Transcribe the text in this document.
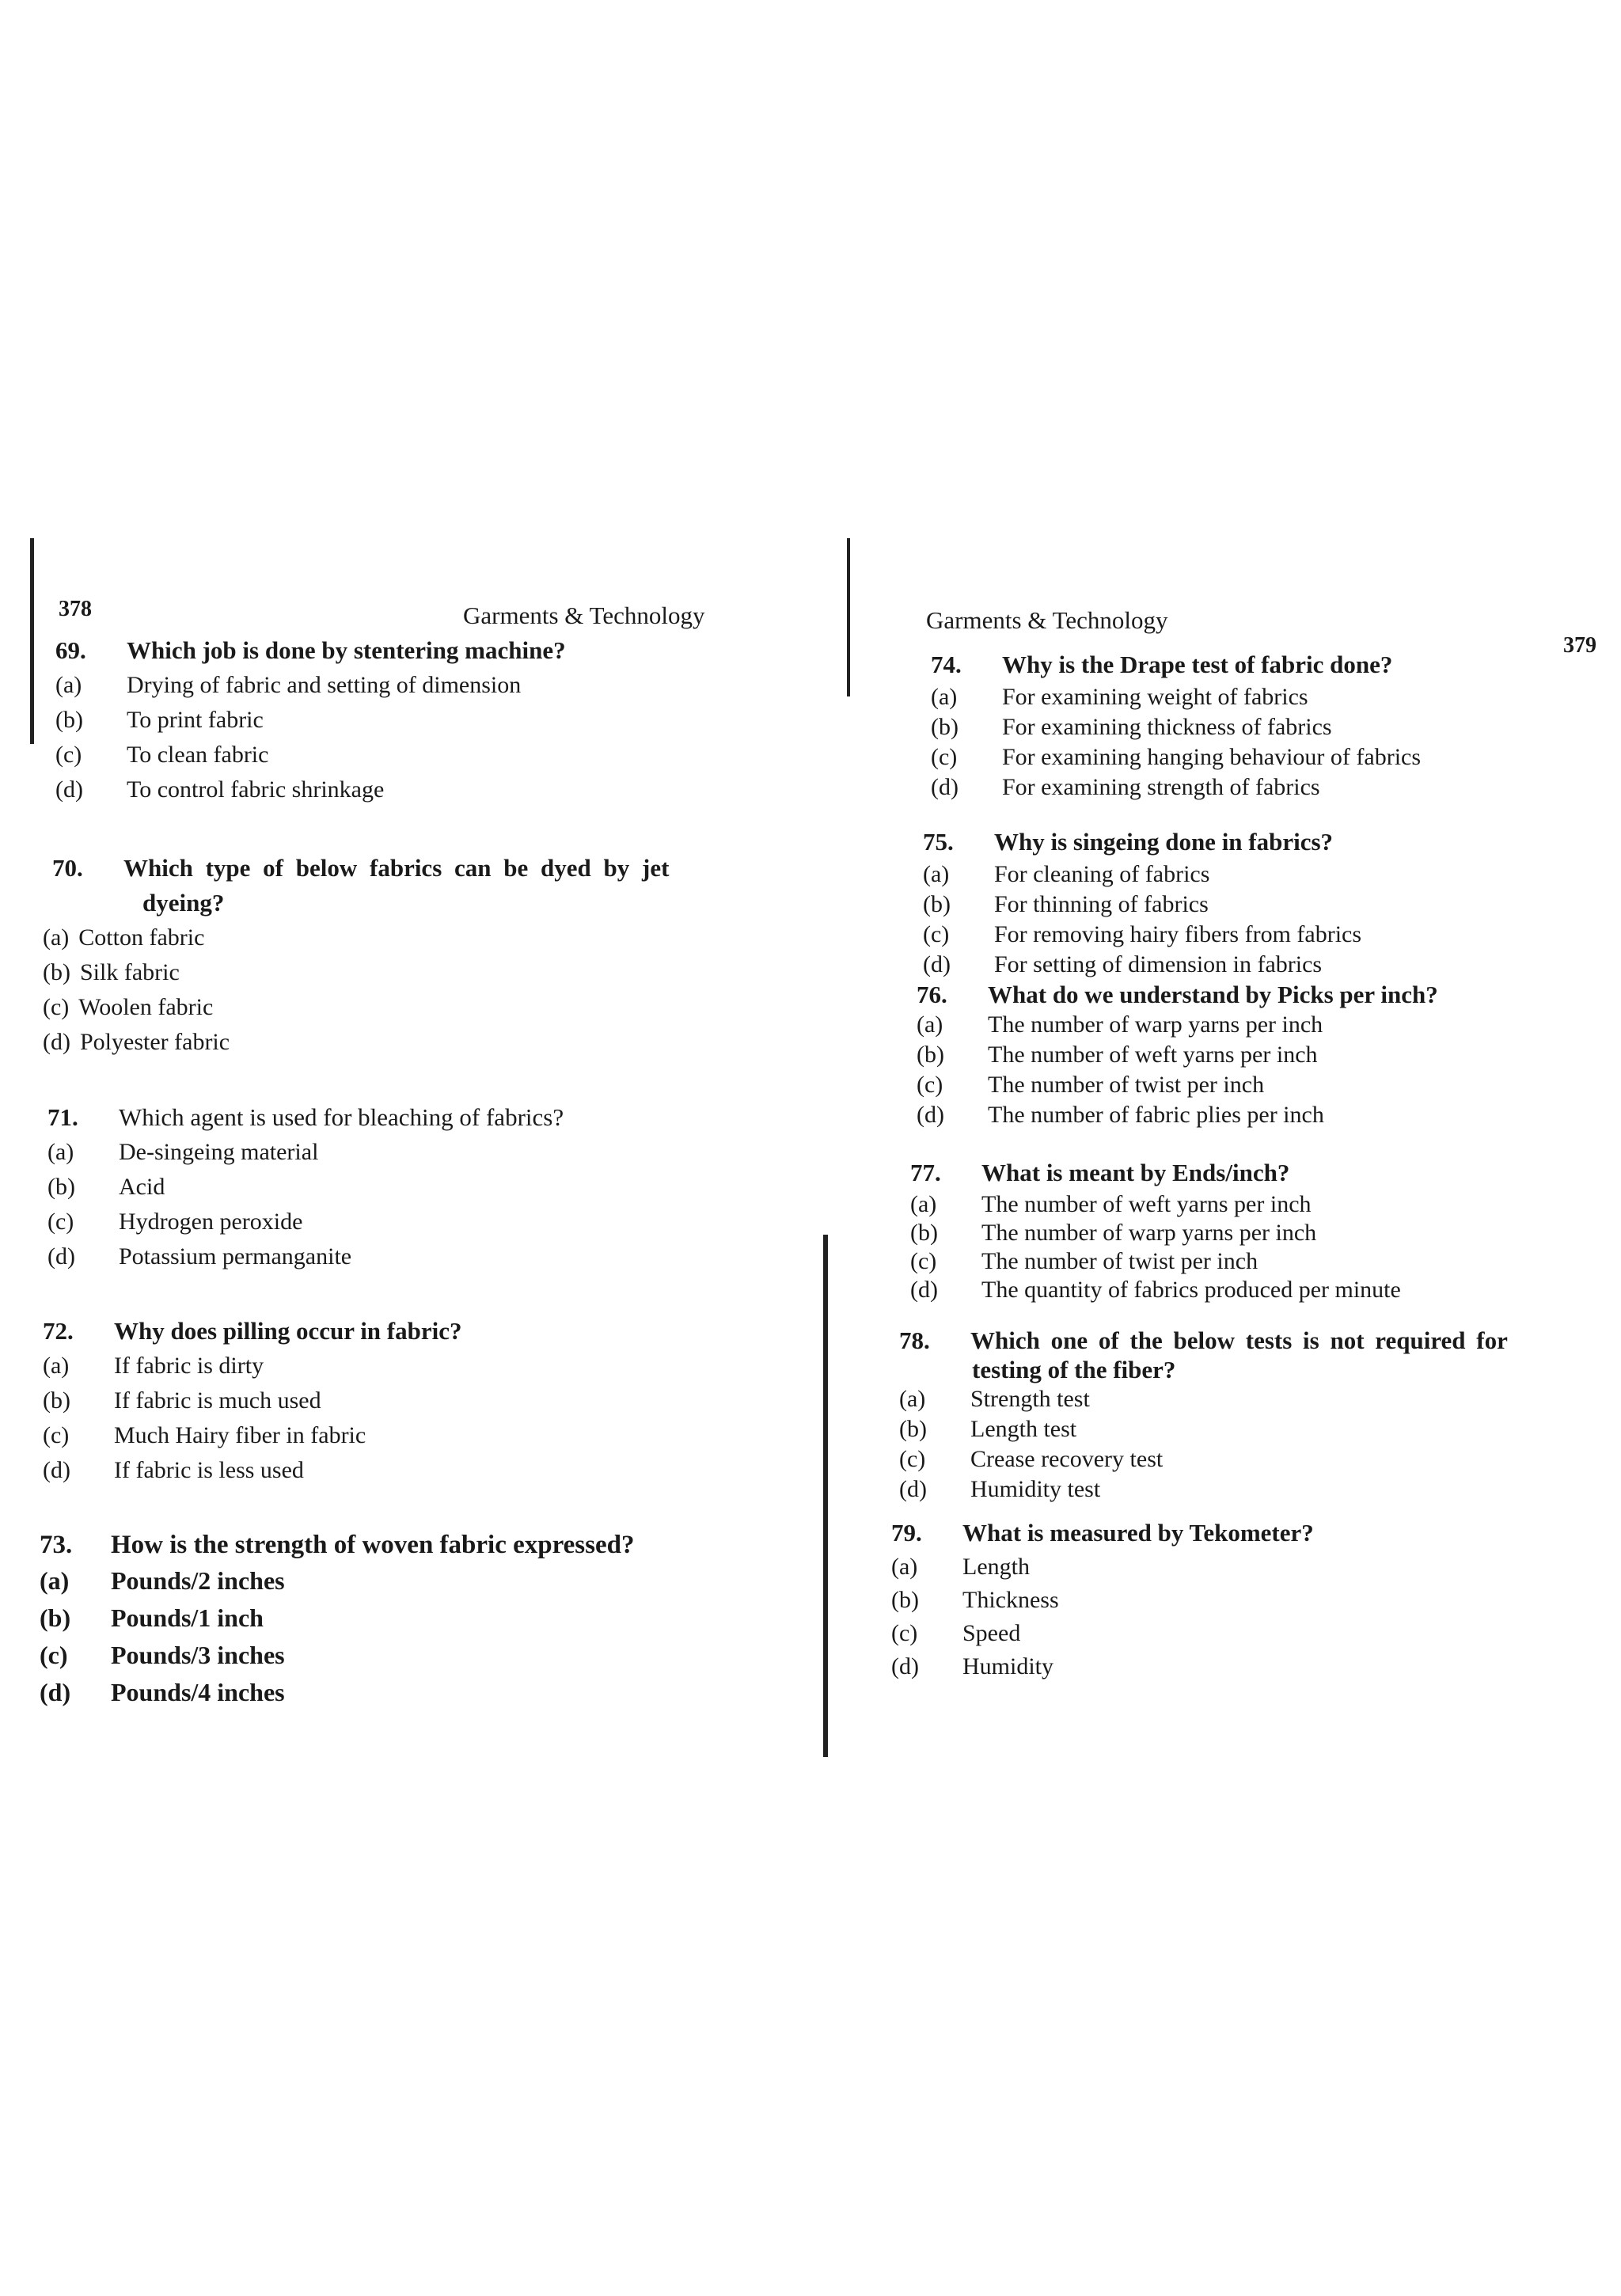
378	Garments & Technology
69.	Which job is done by stentering machine?
(a)	Drying of fabric and setting of dimension
(b)	To print fabric
(c)	To clean fabric
(d)	To control fabric shrinkage
70.	Which type of below fabrics can be dyed by jet
dyeing?
(a) Cotton fabric
(b) Silk fabric
(c) Woolen fabric
(d) Polyester fabric
71.	Which agent is used for bleaching of fabrics?
(a)	De-singeing material
(b)	Acid
(c)	Hydrogen peroxide
(d)	Potassium permanganite
72.	Why does pilling occur in fabric?
(a)	If fabric is dirty
(b)	If fabric is much used
(c)	Much Hairy fiber in fabric
(d)	If fabric is less used
73.	How is the strength of woven fabric expressed?
(a)	Pounds/2 inches
(b)	Pounds/1 inch
(c)	Pounds/3 inches
(d)	Pounds/4 inches
Garments & Technology
379
74.	Why is the Drape test of fabric done?
(a)	For examining weight of fabrics
(b)	For examining thickness of fabrics
(c)	For examining hanging behaviour of fabrics
(d)	For examining strength of fabrics
75.	Why is singeing done in fabrics?
(a)	For cleaning of fabrics
(b)	For thinning of fabrics
(c)	For removing hairy fibers from fabrics
(d)	For setting of dimension in fabrics
76.	What do we understand by Picks per inch?
(a)	The number of warp yarns per inch
(b)	The number of weft yarns per inch
(c)	The number of twist per inch
(d)	The number of fabric plies per inch
77.	What is meant by Ends/inch?
(a)	The number of weft yarns per inch
(b)	The number of warp yarns per inch
(c)	The number of twist per inch
(d)	The quantity of fabrics produced per minute
78.	Which one of the below tests is not required for
testing of the fiber?
(a)	Strength test
(b)	Length test
(c)	Crease recovery test
(d)	Humidity test
79.	What is measured by Tekometer?
(a)	Length
(b)	Thickness
(c)	Speed
(d)	Humidity
